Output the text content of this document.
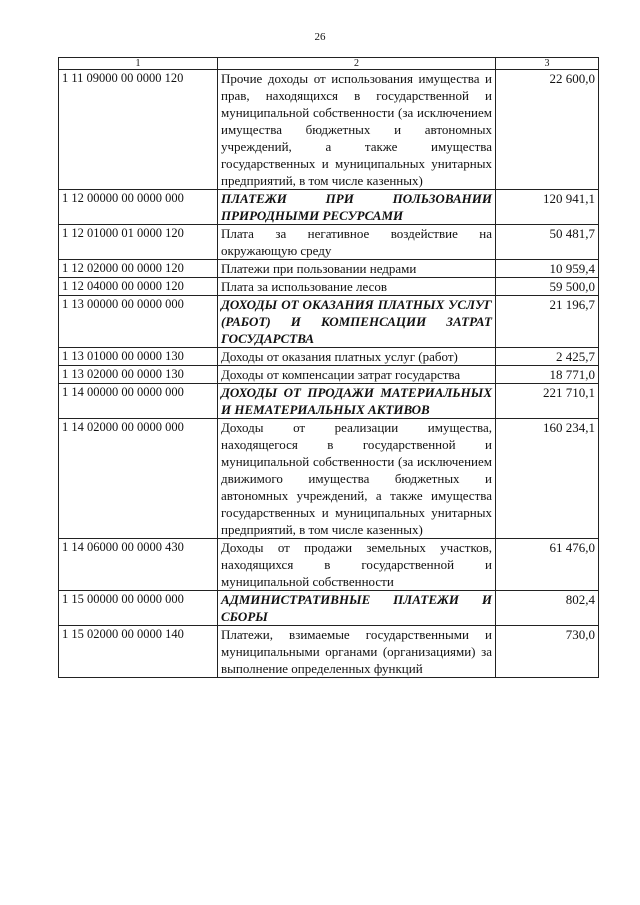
26
1	2	3
1 11 09000 00 0000 120	Прочие доходы от использования имущества и прав, находящихся в государственной и муниципальной собственности (за исключением имущества бюджетных и автономных учреждений, а также имущества государственных и муниципальных унитарных предприятий, в том числе казенных)	22 600,0
1 12 00000 00 0000 000	ПЛАТЕЖИ ПРИ ПОЛЬЗОВАНИИ ПРИРОДНЫМИ РЕСУРСАМИ	120 941,1
1 12 01000 01 0000 120	Плата за негативное воздействие на окружающую среду	50 481,7
1 12 02000 00 0000 120	Платежи при пользовании недрами	10 959,4
1 12 04000 00 0000 120	Плата за использование лесов	59 500,0
1 13 00000 00 0000 000	ДОХОДЫ ОТ ОКАЗАНИЯ ПЛАТНЫХ УСЛУГ (РАБОТ) И КОМПЕНСАЦИИ ЗАТРАТ ГОСУДАРСТВА	21 196,7
1 13 01000 00 0000 130	Доходы от оказания платных услуг (работ)	2 425,7
1 13 02000 00 0000 130	Доходы от компенсации затрат государства	18 771,0
1 14 00000 00 0000 000	ДОХОДЫ ОТ ПРОДАЖИ МАТЕРИАЛЬНЫХ И НЕМАТЕРИАЛЬНЫХ АКТИВОВ	221 710,1
1 14 02000 00 0000 000	Доходы от реализации имущества, находящегося в государственной и муниципальной собственности (за исключением движимого имущества бюджетных и автономных учреждений, а также имущества государственных и муниципальных унитарных предприятий, в том числе казенных)	160 234,1
1 14 06000 00 0000 430	Доходы от продажи земельных участков, находящихся в государственной и муниципальной собственности	61 476,0
1 15 00000 00 0000 000	АДМИНИСТРАТИВНЫЕ ПЛАТЕЖИ И СБОРЫ	802,4
1 15 02000 00 0000 140	Платежи, взимаемые государственными и муниципальными органами (организациями) за выполнение определенных функций	730,0
